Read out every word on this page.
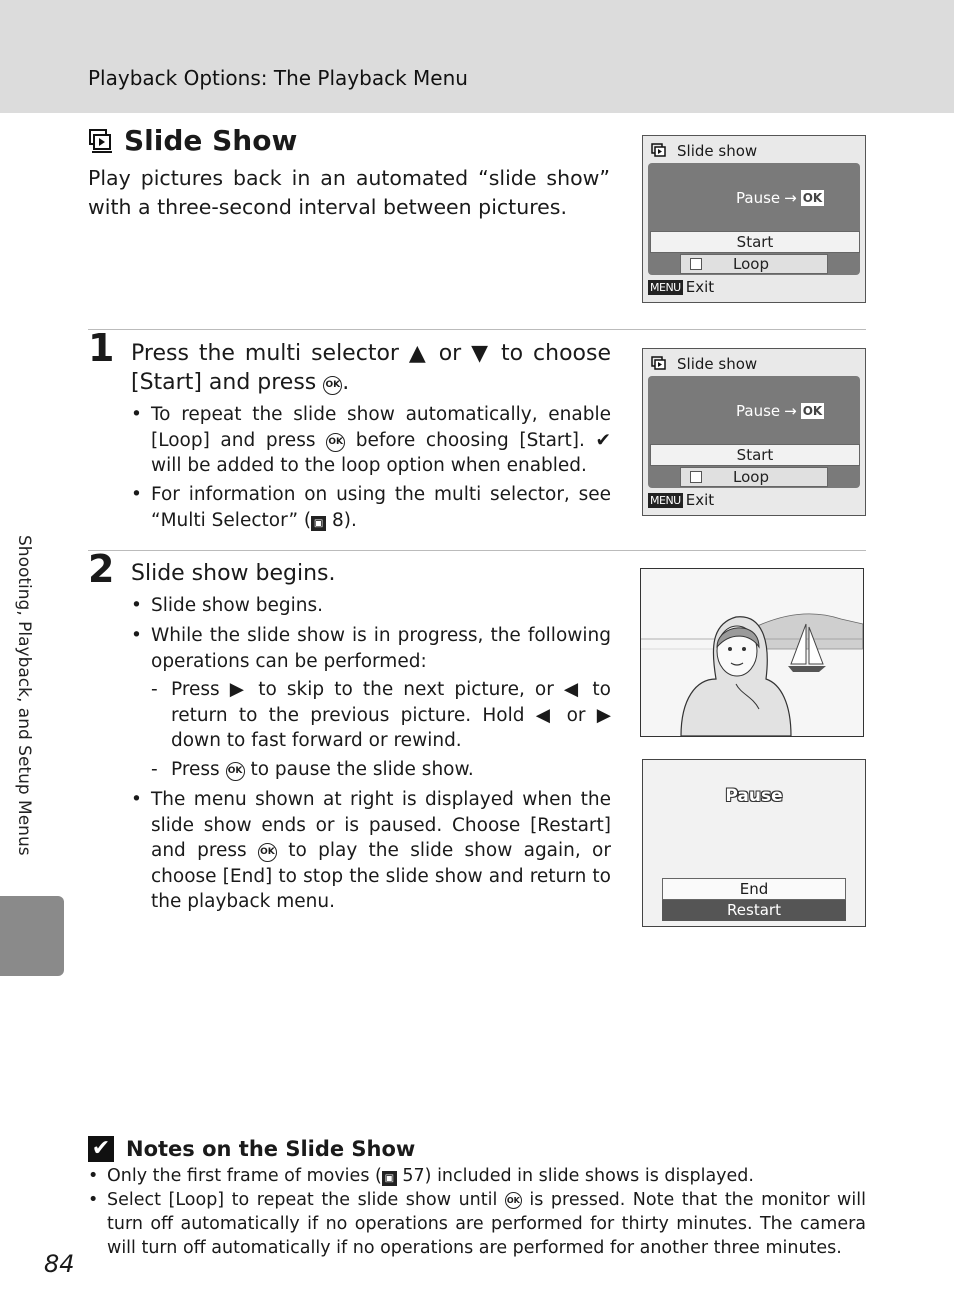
Playback Options: The Playback Menu
Shooting, Playback, and Setup Menus
Slide Show
Play pictures back in an automated “slide show” with a three-second interval between pictures.
Slide show
Pause → OK
Start
Loop
MENU Exit
1 Press the multi selector ▲ or ▼ to choose [Start] and press OK.
• To repeat the slide show automatically, enable [Loop] and press OK before choosing [Start]. ✔ will be added to the loop option when enabled.
• For information on using the multi selector, see “Multi Selector” ( ▣ 8).
Slide show
Pause → OK
Start
Loop
MENU Exit
2 Slide show begins.
• Slide show begins.
• While the slide show is in progress, the following operations can be performed:
- Press ▶ to skip to the next picture, or ◀ to return to the previous picture. Hold ◀ or ▶ down to fast forward or rewind.
- Press OK to pause the slide show.
• The menu shown at right is displayed when the slide show ends or is paused. Choose [Restart] and press OK to play the slide show again, or choose [End] to stop the slide show and return to the playback menu.
Pause
End
Restart
✔ Notes on the Slide Show
• Only the first frame of movies ( ▣ 57) included in slide shows is displayed.
• Select [Loop] to repeat the slide show until OK is pressed. Note that the monitor will turn off automatically if no operations are performed for thirty minutes. The camera will turn off automatically if no operations are performed for another three minutes.
84
